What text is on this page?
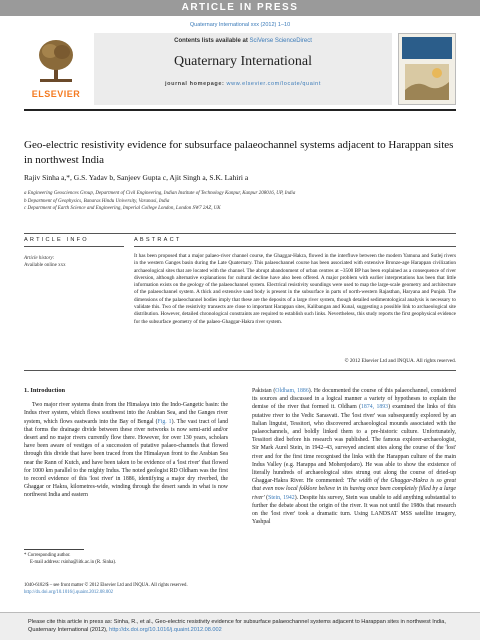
ARTICLE IN PRESS
Quaternary International xxx (2012) 1–10
ELSEVIER
Contents lists available at SciVerse ScienceDirect
Quaternary International
journal homepage: www.elsevier.com/locate/quaint
Geo-electric resistivity evidence for subsurface palaeochannel systems adjacent to Harappan sites in northwest India
Rajiv Sinha a,*, G.S. Yadav b, Sanjeev Gupta c, Ajit Singh a, S.K. Lahiri a
a Engineering Geosciences Group, Department of Civil Engineering, Indian Institute of Technology Kanpur, Kanpur 208016, UP, India
b Department of Geophysics, Banaras Hindu University, Varanasi, India
c Department of Earth Science and Engineering, Imperial College London, London SW7 2AZ, UK
ARTICLE INFO	ABSTRACT
Article history:
Available online xxx
It has been proposed that a major palaeo-river channel course, the Ghaggar-Hakra, flowed in the interfluve between the modern Yamuna and Sutlej rivers in the western Ganges basin during the Late Quaternary. This palaeochannel course has been associated with extensive Bronze-age Harappan civilization archaeological sites that are located with the channel. The abrupt abandonment of urban centres at ~3500 BP has been explained as a consequence of river diversion, although alternative explanations for cultural decline have also been offered. A major problem with earlier interpretations has been that little information exists on the geology of the palaeochannel system. Electrical resistivity soundings were used to map the large-scale geometry and architecture of the palaeochannel system. A thick and extensive sand body is present in the subsurface in parts of north-western Rajasthan, Haryana and Punjab. The dimensions of the palaeochannel bodies imply that these are the deposits of a large river system, though detailed sedimentological analysis is necessary to validate this. Two of the resistivity transects are close to important Harappan sites, Kalibangan and Kunal, suggesting a possible link to archaeological site distribution. However, detailed chronological constraints are required to establish such links. Nevertheless, this study reports the first geophysical evidence for the subsurface geometry of the palaeo-Ghaggar-Hakra river system.
© 2012 Elsevier Ltd and INQUA. All rights reserved.
1. Introduction

Two major river systems drain from the Himalaya into the Indo-Gangetic basin: the Indus river system, which flows southwest into the Arabian Sea, and the Ganges river system, which flows eastwards into the Bay of Bengal (Fig. 1). The vast tract of land that forms the drainage divide between these river networks is now semi-arid and/or desert and no major rivers currently flow there. However, for over 130 years, scholars have been aware of vestiges of a succession of putative palaeo-channels that flowed through this divide that have been traced from the Himalayan front to the Arabian Sea near the Rann of Kutch, and have been taken to be evidence of a 'lost river' that flowed for 1000 km parallel to the mighty Indus. The noted geologist RD Oldham was the first to record evidence of this 'lost river' in 1886, identifying a major dry riverbed, the Ghaggar or Hakra, kilometres-wide, winding through the desert sands in what is now northwest India and eastern

Pakistan (Oldham, 1886). He documented the course of this palaeochannel, considered its sources and discussed in a logical manner a variety of hypotheses to explain the demise of the river that formed it. Oldham (1874, 1893) examined the links of this putative river to the Vedic Sarasvati. The 'lost river' was subsequently explored by an Italian linguist, Tessitori, who discovered archaeological mounds associated with the palaeochannels, and boldly linked them to a pre-historic culture. Unfortunately, Tessitori died before his research was published. The famous explorer-archaeologist, Sir Mark Aurel Stein, in 1942–43, surveyed ancient sites along the course of the 'lost' river and for the first time recognised the links with the Harappan culture of the main Indus Valley (e.g. Harappa and Mohenjodaro). He was able to show the existence of literally hundreds of archaeological sites strung out along the course of dried-up Ghaggar-Hakra River. He commented: 'The width of the Ghaggar-Hakra is so great that even now local folklore believe in its having once been completely filled by a large river' (Stein, 1942). Despite his survey, Stein was unable to add anything substantial to further the debate about the origin of the river. It was not until the 1980s that research on the 'lost river' took a dramatic turn. Using LANDSAT MSS satellite imagery, Yashpal

* Corresponding author.
E-mail address: rsinha@iitk.ac.in (R. Sinha).
1040-6182/$ – see front matter © 2012 Elsevier Ltd and INQUA. All rights reserved.
http://dx.doi.org/10.1016/j.quaint.2012.08.002
Please cite this article in press as: Sinha, R., et al., Geo-electric resistivity evidence for subsurface palaeochannel systems adjacent to Harappan sites in northwest India, Quaternary International (2012), http://dx.doi.org/10.1016/j.quaint.2012.08.002
